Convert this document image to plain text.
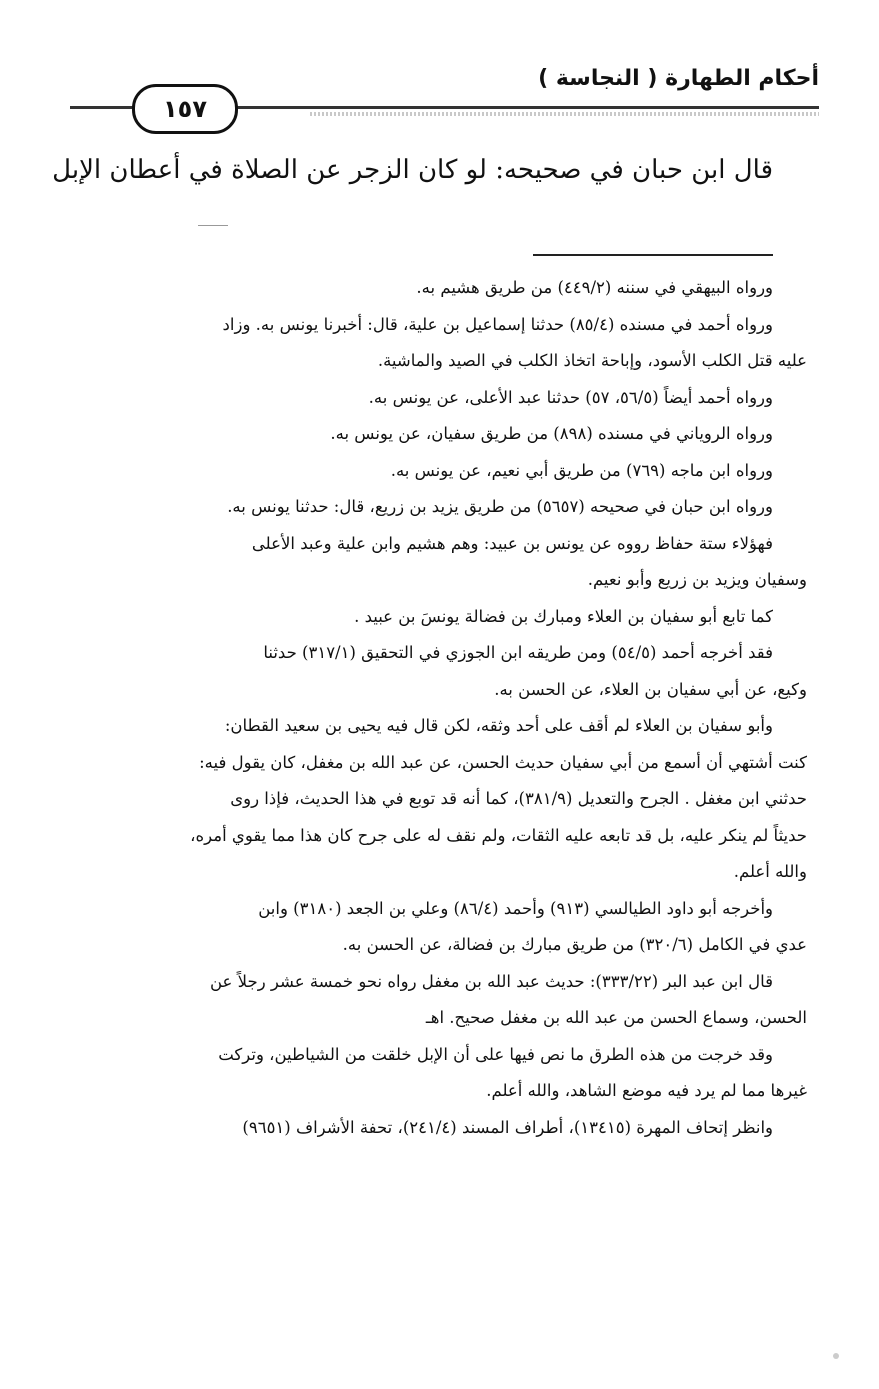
أحكام الطهارة ( النجاسة )
١٥٧
قال ابن حبان في صحيحه: لو كان الزجر عن الصلاة في أعطان الإبل
ورواه البيهقي في سننه (٤٤٩/٢) من طريق هشيم به.
ورواه أحمد في مسنده (٨٥/٤) حدثنا إسماعيل بن علية، قال: أخبرنا يونس به. وزاد
عليه قتل الكلب الأسود، وإباحة اتخاذ الكلب في الصيد والماشية.
ورواه أحمد أيضاً (٥٦/٥، ٥٧) حدثنا عبد الأعلى، عن يونس به.
ورواه الروياني في مسنده (٨٩٨) من طريق سفيان، عن يونس به.
ورواه ابن ماجه (٧٦٩) من طريق أبي نعيم، عن يونس به.
ورواه ابن حبان في صحيحه (٥٦٥٧) من طريق يزيد بن زريع، قال: حدثنا يونس به.
فهؤلاء ستة حفاظ رووه عن يونس بن عبيد: وهم هشيم وابن علية وعبد الأعلى
وسفيان ويزيد بن زريع وأبو نعيم.
كما تابع أبو سفيان بن العلاء ومبارك بن فضالة يونسَ بن عبيد .
فقد أخرجه أحمد (٥٤/٥) ومن طريقه ابن الجوزي في التحقيق (٣١٧/١) حدثنا
وكيع، عن أبي سفيان بن العلاء، عن الحسن به.
وأبو سفيان بن العلاء لم أقف على أحد وثقه، لكن قال فيه يحيى بن سعيد القطان:
كنت أشتهي أن أسمع من أبي سفيان حديث الحسن، عن عبد الله بن مغفل، كان يقول فيه:
حدثني ابن مغفل . الجرح والتعديل (٣٨١/٩)، كما أنه قد توبع في هذا الحديث، فإذا روى
حديثاً لم ينكر عليه، بل قد تابعه عليه الثقات، ولم نقف له على جرح كان هذا مما يقوي أمره،
والله أعلم.
وأخرجه أبو داود الطيالسي (٩١٣) وأحمد (٨٦/٤) وعلي بن الجعد (٣١٨٠) وابن
عدي في الكامل (٣٢٠/٦) من طريق مبارك بن فضالة، عن الحسن به.
قال ابن عبد البر (٣٣٣/٢٢): حديث عبد الله بن مغفل رواه نحو خمسة عشر رجلاً عن
الحسن، وسماع الحسن من عبد الله بن مغفل صحيح. اهـ
وقد خرجت من هذه الطرق ما نص فيها على أن الإبل خلقت من الشياطين، وتركت
غيرها مما لم يرد فيه موضع الشاهد، والله أعلم.
وانظر إتحاف المهرة (١٣٤١٥)، أطراف المسند (٢٤١/٤)، تحفة الأشراف (٩٦٥١)
